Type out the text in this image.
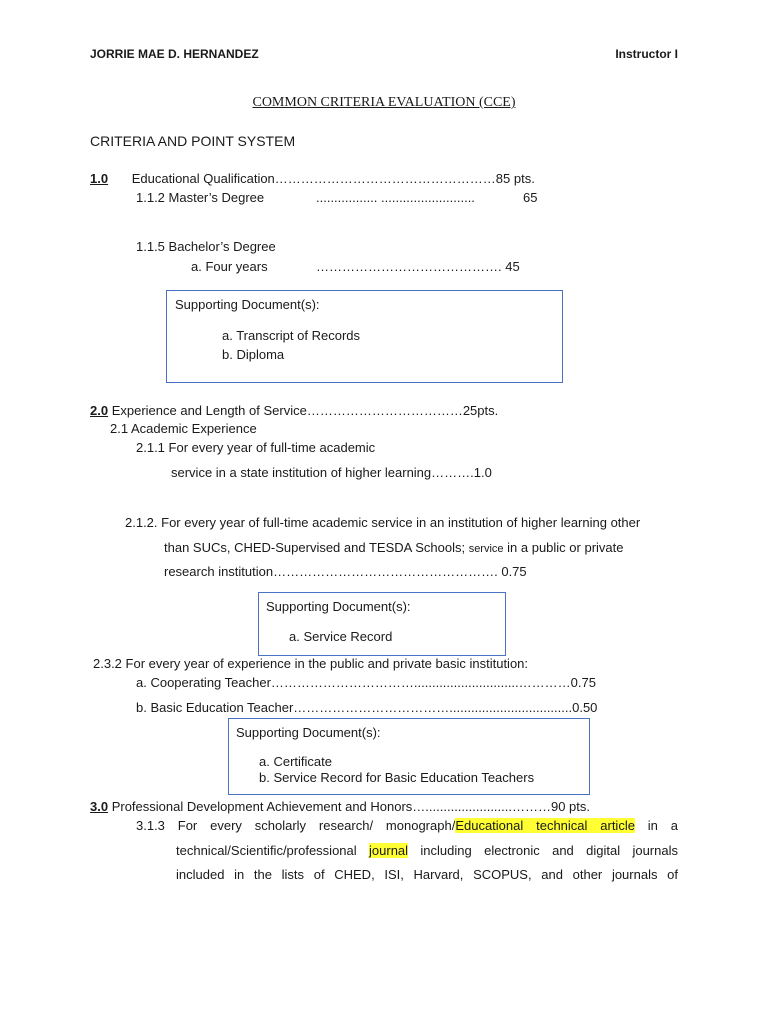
JORRIE MAE D. HERNANDEZ	Instructor I
COMMON CRITERIA EVALUATION (CCE)
CRITERIA AND POINT SYSTEM
1.0 Educational Qualification……………………………………………85 pts.
1.1.2 Master’s Degree	................. ..........................	65
1.1.5 Bachelor’s Degree
a. Four years	……………………………………. 45
Supporting Document(s):
a. Transcript of Records
b. Diploma
2.0 Experience and Length of Service………………………………25pts.
2.1 Academic Experience
2.1.1 For every year of full-time academic
service in a state institution of higher learning……….1.0
2.1.2. For every year of full-time academic service in an institution of higher learning other
than SUCs, CHED-Supervised and TESDA Schools; service in a public or private
research institution……………………………………………. 0.75
Supporting Document(s):
a. Service Record
2.3.2 For every year of experience in the public and private basic institution:
a. Cooperating Teacher…………………………….............................…………0.75
b. Basic Education Teacher………………………………..................................0.50
Supporting Document(s):
a. Certificate
b. Service Record for Basic Education Teachers
3.0 Professional Development Achievement and Honors…........................………90 pts.
3.1.3 For every scholarly research/ monograph/Educational technical article in a
technical/Scientific/professional journal including electronic and digital journals
included in the lists of CHED, ISI, Harvard, SCOPUS, and other journals of
